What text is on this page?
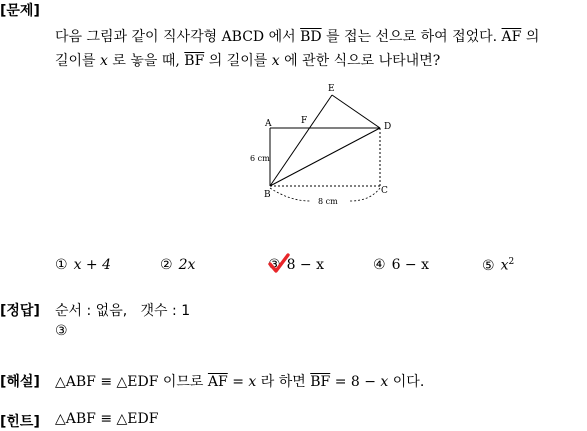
[문제]
[정답]
[해설]
[힌트]
다음 그림과 같이 직사각형 ABCD 에서 $\overline{BD}$ 를 접는 선으로 하여 접었다. $\overline{AF}$ 의
길이를 x 로 놓을 때, $\overline{BF}$ 의 길이를 x 에 관한 식으로 나타내면?
E
A	F
D
B	C
6 cm
8 cm
① x + 4	② 2x	③ 8 − x	④ 6 − x	⑤ $x^2$
순서 : 없음, 갯수 : 1
③
△ABF ≡ △EDF 이므로 $\overline{AF} = x$ 라 하면 $\overline{BF} = 8 - x$ 이다.
△ABF ≡ △EDF
